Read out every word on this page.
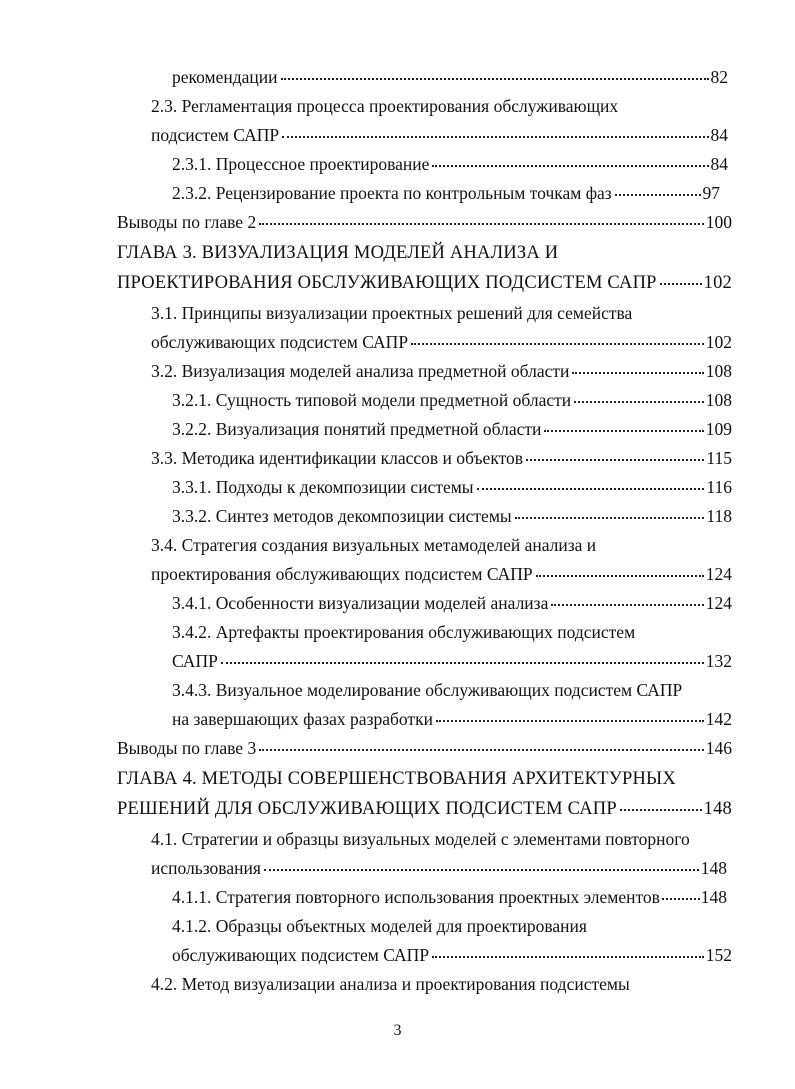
рекомендации	82
2.3. Регламентация процесса проектирования обслуживающих
подсистем САПР	84
2.3.1. Процессное проектирование	84
2.3.2. Рецензирование проекта по контрольным точкам фаз	97
Выводы по главе 2	100
ГЛАВА 3. ВИЗУАЛИЗАЦИЯ МОДЕЛЕЙ АНАЛИЗА И
ПРОЕКТИРОВАНИЯ ОБСЛУЖИВАЮЩИХ ПОДСИСТЕМ САПР	102
3.1. Принципы визуализации проектных решений для семейства
обслуживающих подсистем САПР	102
3.2. Визуализация моделей анализа предметной области	108
3.2.1. Сущность типовой модели предметной области	108
3.2.2. Визуализация понятий предметной области	109
3.3. Методика идентификации классов и объектов	115
3.3.1. Подходы к декомпозиции системы	116
3.3.2. Синтез методов декомпозиции системы	118
3.4. Стратегия создания визуальных метамоделей анализа и
проектирования обслуживающих подсистем САПР	124
3.4.1. Особенности визуализации моделей анализа	124
3.4.2. Артефакты проектирования обслуживающих подсистем
САПР	132
3.4.3. Визуальное моделирование обслуживающих подсистем САПР
на завершающих фазах разработки	142
Выводы по главе 3	146
ГЛАВА 4. МЕТОДЫ СОВЕРШЕНСТВОВАНИЯ АРХИТЕКТУРНЫХ
РЕШЕНИЙ ДЛЯ ОБСЛУЖИВАЮЩИХ ПОДСИСТЕМ САПР	148
4.1. Стратегии и образцы визуальных моделей с элементами повторного
использования	148
4.1.1. Стратегия повторного использования проектных элементов 148
4.1.2. Образцы объектных моделей для проектирования
обслуживающих подсистем САПР	152
4.2. Метод визуализации анализа и проектирования подсистемы
3
